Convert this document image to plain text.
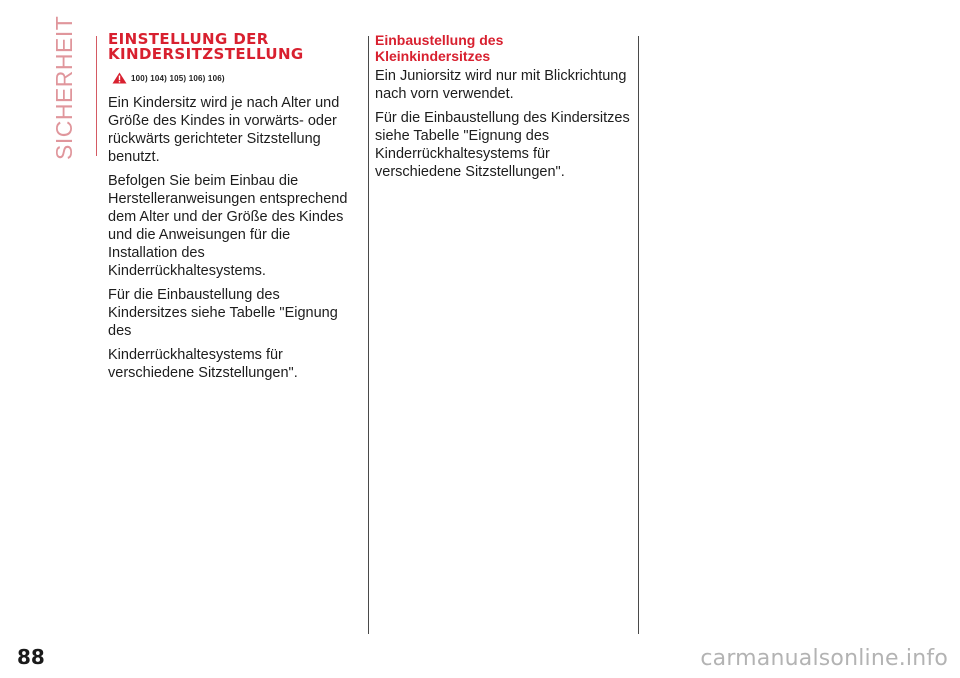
SICHERHEIT EINSTELLUNG DER
KINDERSITZSTELLUNG
100) 104) 105) 106) 106)

Ein Kindersitz wird je nach Alter und Größe des Kindes in vorwärts- oder rückwärts gerichteter Sitzstellung benutzt.

Befolgen Sie beim Einbau die Herstelleranweisungen entsprechend dem Alter und der Größe des Kindes und die Anweisungen für die Installation des Kinderrückhaltesystems.

Für die Einbaustellung des Kindersitzes siehe Tabelle "Eignung des

Kinderrückhaltesystems für verschiedene Sitzstellungen".

Einbaustellung des
Kleinkindersitzes

Ein Juniorsitz wird nur mit Blickrichtung nach vorn verwendet.

Für die Einbaustellung des Kindersitzes siehe Tabelle "Eignung des Kinderrückhaltesystems für verschiedene Sitzstellungen".

88	carmanualsonline.info
